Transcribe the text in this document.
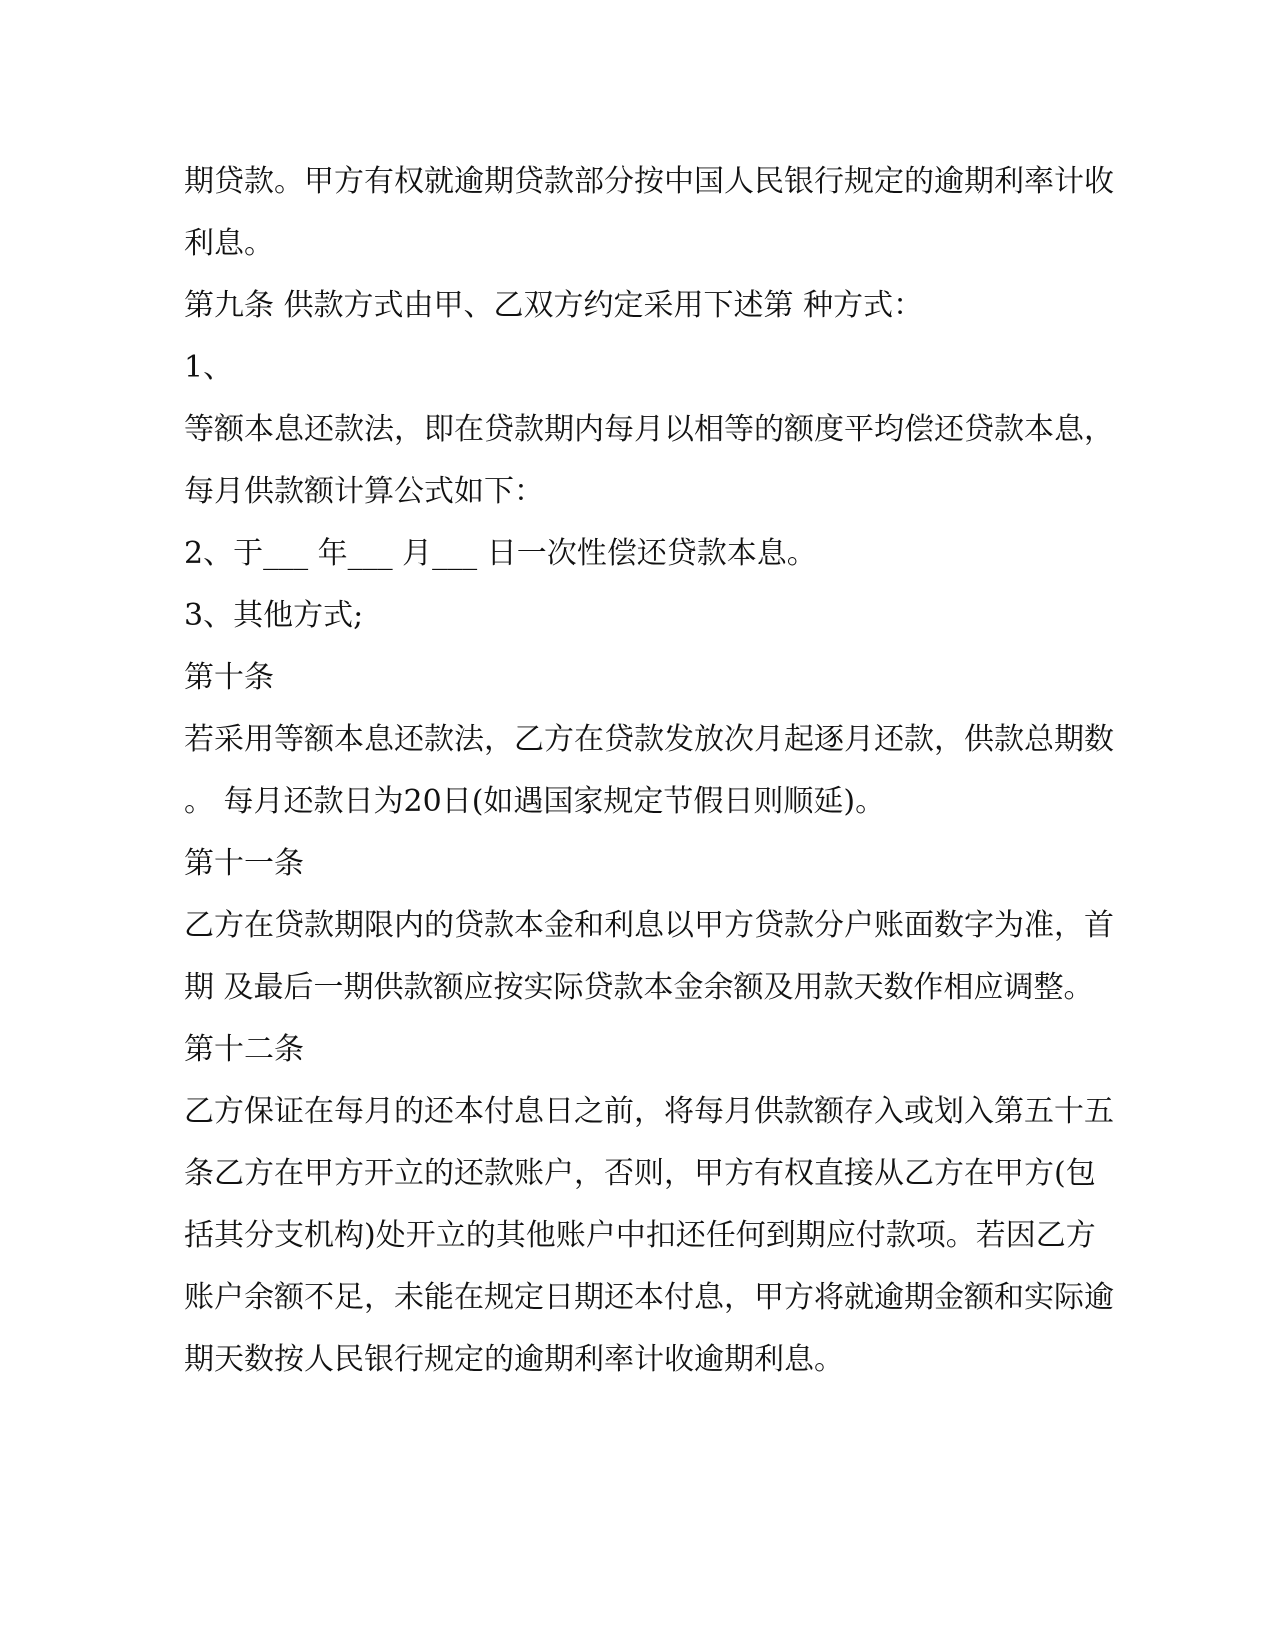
期贷款。甲方有权就逾期贷款部分按中国人民银行规定的逾期利率计收
利息。
第九条 供款方式由甲、乙双方约定采用下述第 种方式：
1、
等额本息还款法，即在贷款期内每月以相等的额度平均偿还贷款本息，
每月供款额计算公式如下：
2、于___ 年___ 月___ 日一次性偿还贷款本息。
3、其他方式;
第十条
若采用等额本息还款法，乙方在贷款发放次月起逐月还款，供款总期数
。 每月还款日为20日(如遇国家规定节假日则顺延)。
第十一条
乙方在贷款期限内的贷款本金和利息以甲方贷款分户账面数字为准，首
期 及最后一期供款额应按实际贷款本金余额及用款天数作相应调整。
第十二条
乙方保证在每月的还本付息日之前，将每月供款额存入或划入第五十五
条乙方在甲方开立的还款账户，否则，甲方有权直接从乙方在甲方(包
括其分支机构)处开立的其他账户中扣还任何到期应付款项。若因乙方
账户余额不足，未能在规定日期还本付息，甲方将就逾期金额和实际逾
期天数按人民银行规定的逾期利率计收逾期利息。
